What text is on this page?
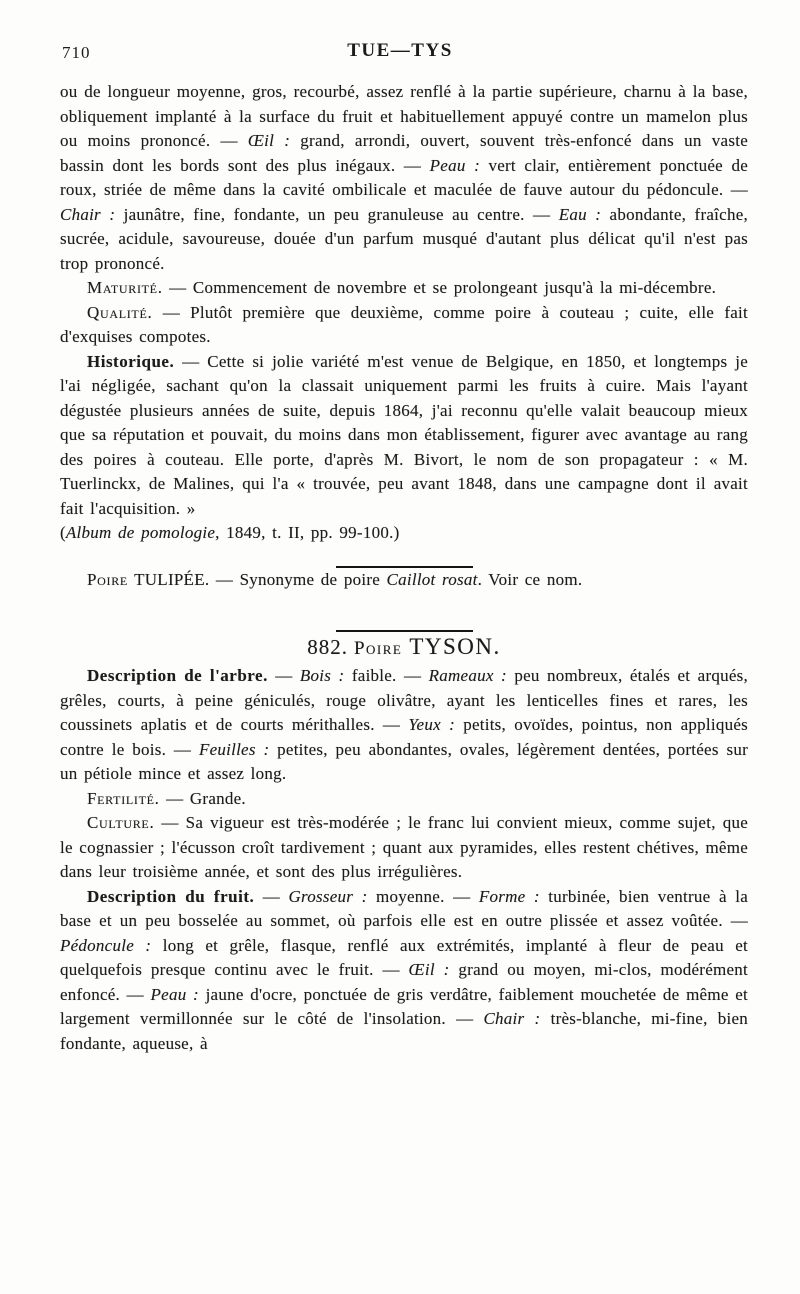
710	TUE—TYS

ou de longueur moyenne, gros, recourbé, assez renflé à la partie supérieure, charnu à la base, obliquement implanté à la surface du fruit et habituellement appuyé contre un mamelon plus ou moins prononcé. — Œil : grand, arrondi, ouvert, souvent très-enfoncé dans un vaste bassin dont les bords sont des plus inégaux. — Peau : vert clair, entièrement ponctuée de roux, striée de même dans la cavité ombilicale et maculée de fauve autour du pédoncule. — Chair : jaunâtre, fine, fondante, un peu granuleuse au centre. — Eau : abondante, fraîche, sucrée, acidule, savoureuse, douée d'un parfum musqué d'autant plus délicat qu'il n'est pas trop prononcé.

Maturité. — Commencement de novembre et se prolongeant jusqu'à la mi-décembre.

Qualité. — Plutôt première que deuxième, comme poire à couteau ; cuite, elle fait d'exquises compotes.

Historique. — Cette si jolie variété m'est venue de Belgique, en 1850, et longtemps je l'ai négligée, sachant qu'on la classait uniquement parmi les fruits à cuire. Mais l'ayant dégustée plusieurs années de suite, depuis 1864, j'ai reconnu qu'elle valait beaucoup mieux que sa réputation et pouvait, du moins dans mon établissement, figurer avec avantage au rang des poires à couteau. Elle porte, d'après M. Bivort, le nom de son propagateur : « M. Tuerlinckx, de Malines, qui l'a « trouvée, peu avant 1848, dans une campagne dont il avait fait l'acquisition. »

(Album de pomologie, 1849, t. II, pp. 99-100.)

Poire TULIPÉE. — Synonyme de poire Caillot rosat. Voir ce nom.

882. Poire TYSON.

Description de l'arbre. — Bois : faible. — Rameaux : peu nombreux, étalés et arqués, grêles, courts, à peine géniculés, rouge olivâtre, ayant les lenticelles fines et rares, les coussinets aplatis et de courts mérithalles. — Yeux : petits, ovoïdes, pointus, non appliqués contre le bois. — Feuilles : petites, peu abondantes, ovales, légèrement dentées, portées sur un pétiole mince et assez long.

Fertilité. — Grande.

Culture. — Sa vigueur est très-modérée ; le franc lui convient mieux, comme sujet, que le cognassier ; l'écusson croît tardivement ; quant aux pyramides, elles restent chétives, même dans leur troisième année, et sont des plus irrégulières.

Description du fruit. — Grosseur : moyenne. — Forme : turbinée, bien ventrue à la base et un peu bosselée au sommet, où parfois elle est en outre plissée et assez voûtée. — Pédoncule : long et grêle, flasque, renflé aux extrémités, implanté à fleur de peau et quelquefois presque continu avec le fruit. — Œil : grand ou moyen, mi-clos, modérément enfoncé. — Peau : jaune d'ocre, ponctuée de gris verdâtre, faiblement mouchetée de même et largement vermillonnée sur le côté de l'insolation. — Chair : très-blanche, mi-fine, bien fondante, aqueuse, à
